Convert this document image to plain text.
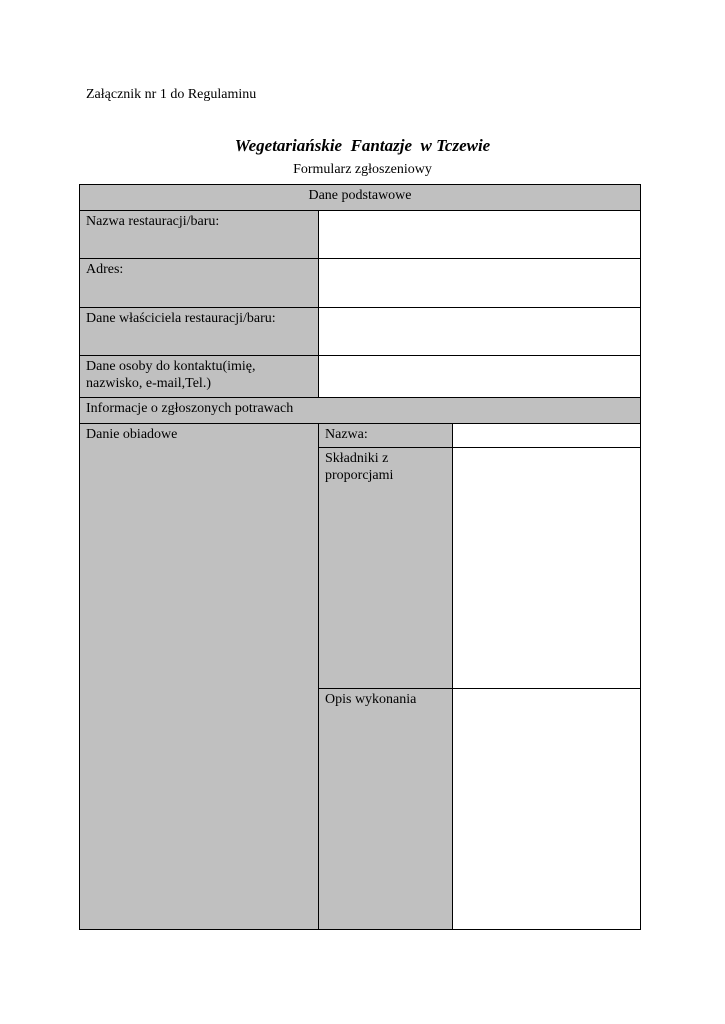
Załącznik nr 1 do Regulaminu
Wegetariańskie  Fantazje  w Tczewie
Formularz zgłoszeniowy
Dane podstawowe
Nazwa restauracji/baru:
Adres:
Dane właściciela restauracji/baru:
Dane osoby do kontaktu(imię, nazwisko, e-mail,Tel.)
Informacje o zgłoszonych potrawach
Danie obiadowe	Nazwa:
Składniki z proporcjami
Opis wykonania
